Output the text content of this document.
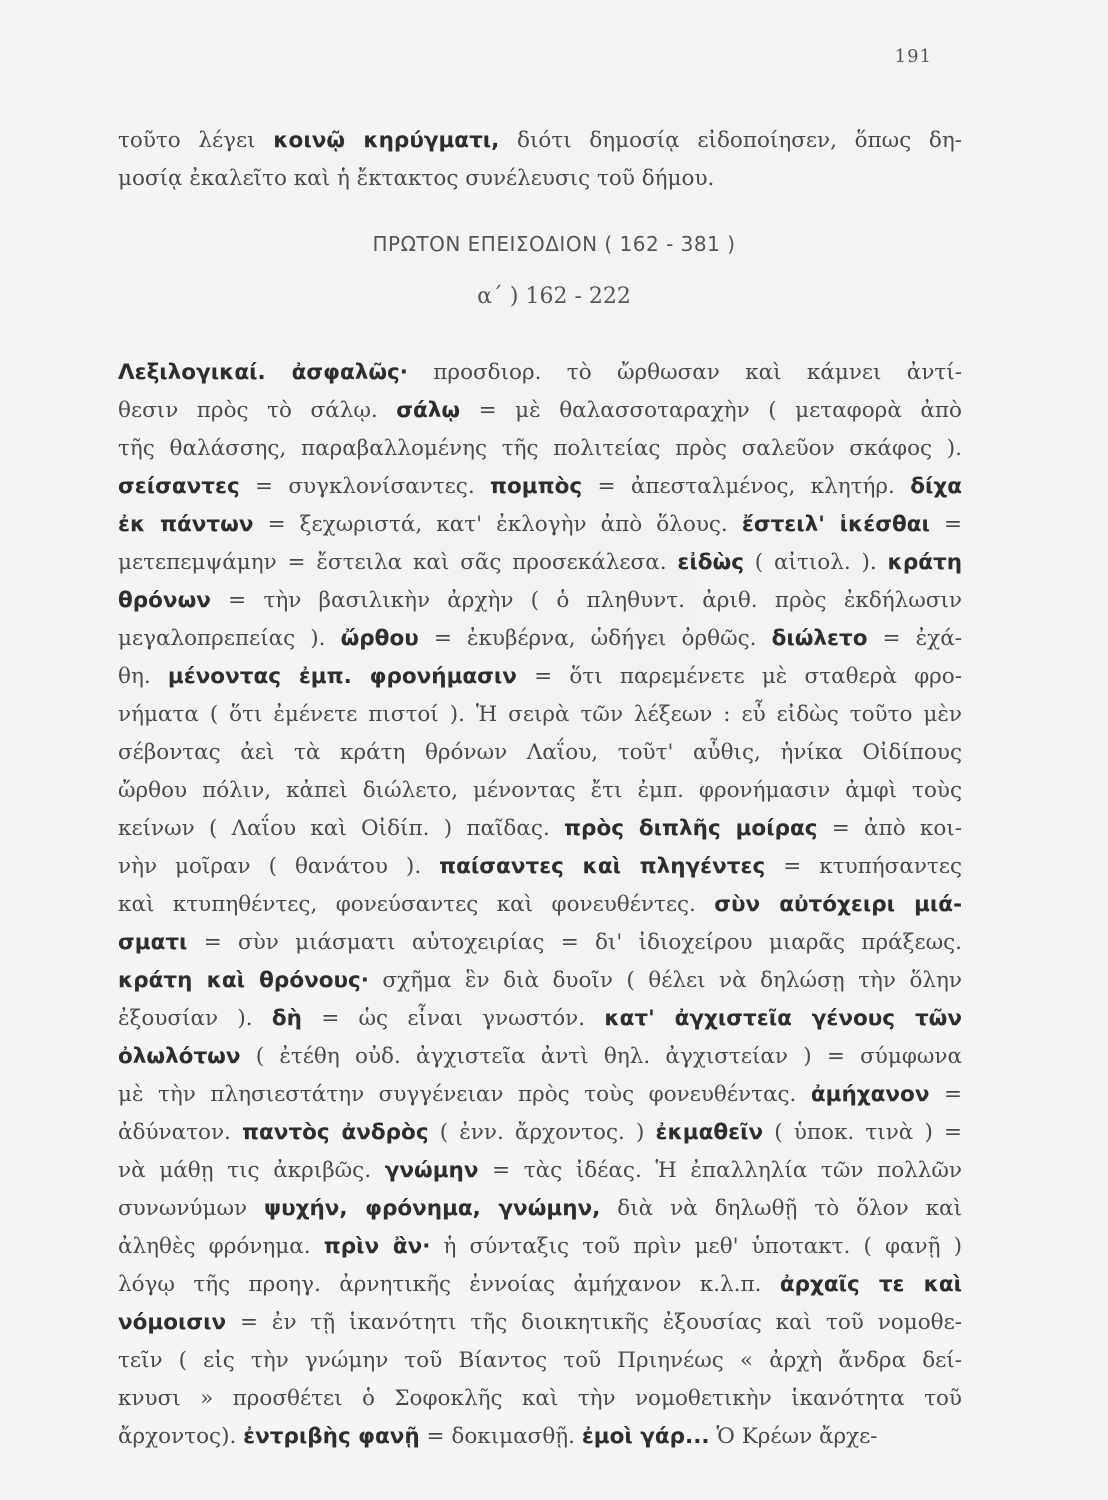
191
τοῦτο λέγει κοινῷ κηρύγματι, διότι δημοσίᾳ εἰδοποίησεν, ὅπως δη-
μοσίᾳ ἐκαλεῖτο καὶ ἡ ἔκτακτος συνέλευσις τοῦ δήμου.
ΠΡΩΤΟΝ ΕΠΕΙΣΟΔΙΟΝ ( 162 - 381 )
α΄ ) 162 - 222
Λεξιλογικαί. ἀσφαλῶς· προσδιορ. τὸ ὤρθωσαν καὶ κάμνει ἀντί-
θεσιν πρὸς τὸ σάλῳ. σάλῳ = μὲ θαλασσοταραχὴν ( μεταφορὰ ἀπὸ
τῆς θαλάσσης, παραβαλλομένης τῆς πολιτείας πρὸς σαλεῦον σκάφος ).
σείσαντες = συγκλονίσαντες. πομπὸς = ἀπεσταλμένος, κλητήρ. δίχα
ἐκ πάντων = ξεχωριστά, κατ' ἐκλογὴν ἀπὸ ὅλους. ἔστειλ' ἱκέσθαι =
μετεπεμψάμην = ἔστειλα καὶ σᾶς προσεκάλεσα. εἰδὼς ( αἰτιολ. ). κράτη
θρόνων = τὴν βασιλικὴν ἀρχὴν ( ὁ πληθυντ. ἀριθ. πρὸς ἐκδήλωσιν
μεγαλοπρεπείας ). ὤρθου = ἐκυβέρνα, ὡδήγει ὀρθῶς. διώλετο = ἐχά-
θη. μένοντας ἐμπ. φρονήμασιν = ὅτι παρεμένετε μὲ σταθερὰ φρο-
νήματα ( ὅτι ἐμένετε πιστοί ). Ἡ σειρὰ τῶν λέξεων : εὖ εἰδὼς τοῦτο μὲν
σέβοντας ἀεὶ τὰ κράτη θρόνων Λαΐου, τοῦτ' αὖθις, ἡνίκα Οἰδίπους
ὤρθου πόλιν, κἀπεὶ διώλετο, μένοντας ἔτι ἐμπ. φρονήμασιν ἀμφὶ τοὺς
κείνων ( Λαΐου καὶ Οἰδίπ. ) παῖδας. πρὸς διπλῆς μοίρας = ἀπὸ κοι-
νὴν μοῖραν ( θανάτου ). παίσαντες καὶ πληγέντες = κτυπήσαντες
καὶ κτυπηθέντες, φονεύσαντες καὶ φονευθέντες. σὺν αὐτόχειρι μιά-
σματι = σὺν μιάσματι αὐτοχειρίας = δι' ἰδιοχείρου μιαρᾶς πράξεως.
κράτη καὶ θρόνους· σχῆμα ἓν διὰ δυοῖν ( θέλει νὰ δηλώσῃ τὴν ὅλην
ἐξουσίαν ). δὴ = ὡς εἶναι γνωστόν. κατ' ἀγχιστεῖα γένους τῶν
ὀλωλότων ( ἐτέθη οὐδ. ἀγχιστεῖα ἀντὶ θηλ. ἀγχιστείαν ) = σύμφωνα
μὲ τὴν πλησιεστάτην συγγένειαν πρὸς τοὺς φονευθέντας. ἀμήχανον =
ἀδύνατον. παντὸς ἀνδρὸς ( ἐνν. ἄρχοντος. ) ἐκμαθεῖν ( ὑποκ. τινὰ ) =
νὰ μάθῃ τις ἀκριβῶς. γνώμην = τὰς ἰδέας. Ἡ ἐπαλληλία τῶν πολλῶν
συνωνύμων ψυχήν, φρόνημα, γνώμην, διὰ νὰ δηλωθῇ τὸ ὅλον καὶ
ἀληθὲς φρόνημα. πρὶν ἂν· ἡ σύνταξις τοῦ πρὶν μεθ' ὑποτακτ. ( φανῇ )
λόγῳ τῆς προηγ. ἀρνητικῆς ἐννοίας ἀμήχανον κ.λ.π. ἀρχαῖς τε καὶ
νόμοισιν = ἐν τῇ ἱκανότητι τῆς διοικητικῆς ἐξουσίας καὶ τοῦ νομοθε-
τεῖν ( εἰς τὴν γνώμην τοῦ Βίαντος τοῦ Πριηνέως « ἀρχὴ ἄνδρα δεί-
κνυσι » προσθέτει ὁ Σοφοκλῆς καὶ τὴν νομοθετικὴν ἱκανότητα τοῦ
ἄρχοντος). ἐντριβὴς φανῇ = δοκιμασθῇ. ἐμοὶ γάρ... Ὁ Κρέων ἄρχε-
